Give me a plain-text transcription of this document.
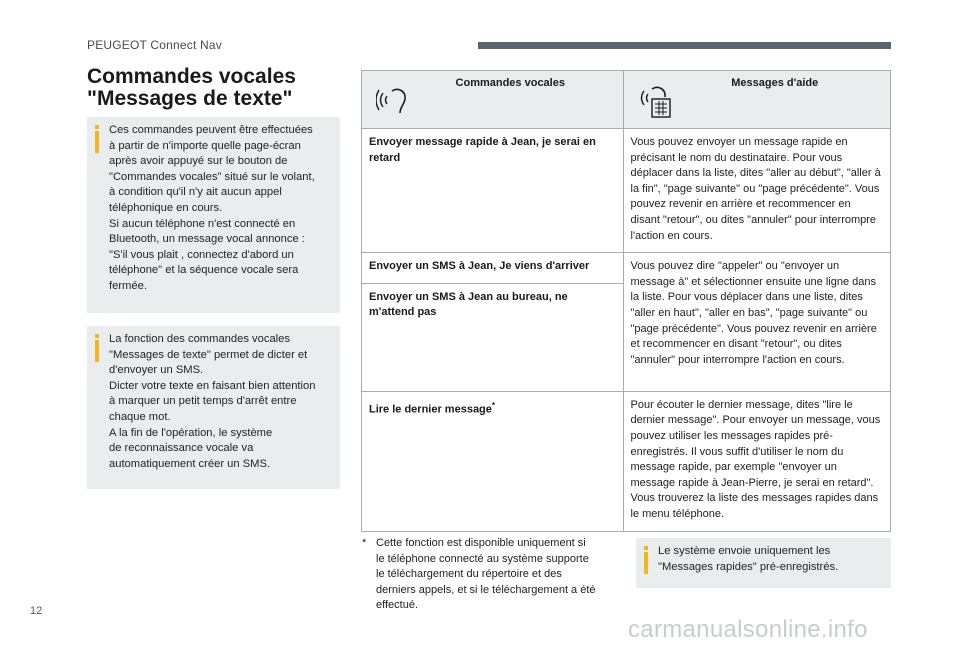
PEUGEOT Connect Nav
Commandes vocales
"Messages de texte"

Ces commandes peuvent être effectuées
à partir de n'importe quelle page-écran
après avoir appuyé sur le bouton de
"Commandes vocales" situé sur le volant,
à condition qu'il n'y ait aucun appel
téléphonique en cours.
Si aucun téléphone n'est connecté en
Bluetooth, un message vocal annonce :
"S'il vous plait , connectez d'abord un
téléphone" et la séquence vocale sera
fermée.

La fonction des commandes vocales
"Messages de texte" permet de dicter et
d'envoyer un SMS.
Dicter votre texte en faisant bien attention
à marquer un petit temps d'arrêt entre
chaque mot.
A la fin de l'opération, le système
de reconnaissance vocale va
automatiquement créer un SMS.

Commandes vocales	Messages d'aide

Envoyer message rapide à Jean, je serai en retard	Vous pouvez envoyer un message rapide en précisant le nom du destinataire. Pour vous déplacer dans la liste, dites "aller au début", "aller à la fin", "page suivante" ou "page précédente". Vous pouvez revenir en arrière et recommencer en disant "retour", ou dites "annuler" pour interrompre l'action en cours.
Envoyer un SMS à Jean, Je viens d'arriver	Vous pouvez dire "appeler" ou "envoyer un message à" et sélectionner ensuite une ligne dans la liste. Pour vous déplacer dans une liste, dites "aller en haut", "aller en bas", "page suivante" ou "page précédente". Vous pouvez revenir en arrière et recommencer en disant "retour", ou dites "annuler" pour interrompre l'action en cours.
Envoyer un SMS à Jean au bureau, ne m'attend pas	
Lire le dernier message*	Pour écouter le dernier message, dites "lire le dernier message". Pour envoyer un message, vous pouvez utiliser les messages rapides pré-enregistrés. Il vous suffit d'utiliser le nom du message rapide, par exemple "envoyer un message rapide à Jean-Pierre, je serai en retard". Vous trouverez la liste des messages rapides dans le menu téléphone.
* Cette fonction est disponible uniquement si
le téléphone connecté au système supporte
le téléchargement du répertoire et des
derniers appels, et si le téléchargement a été
effectué.

Le système envoie uniquement les
"Messages rapides" pré-enregistrés.

12
carmanualsonline.info
